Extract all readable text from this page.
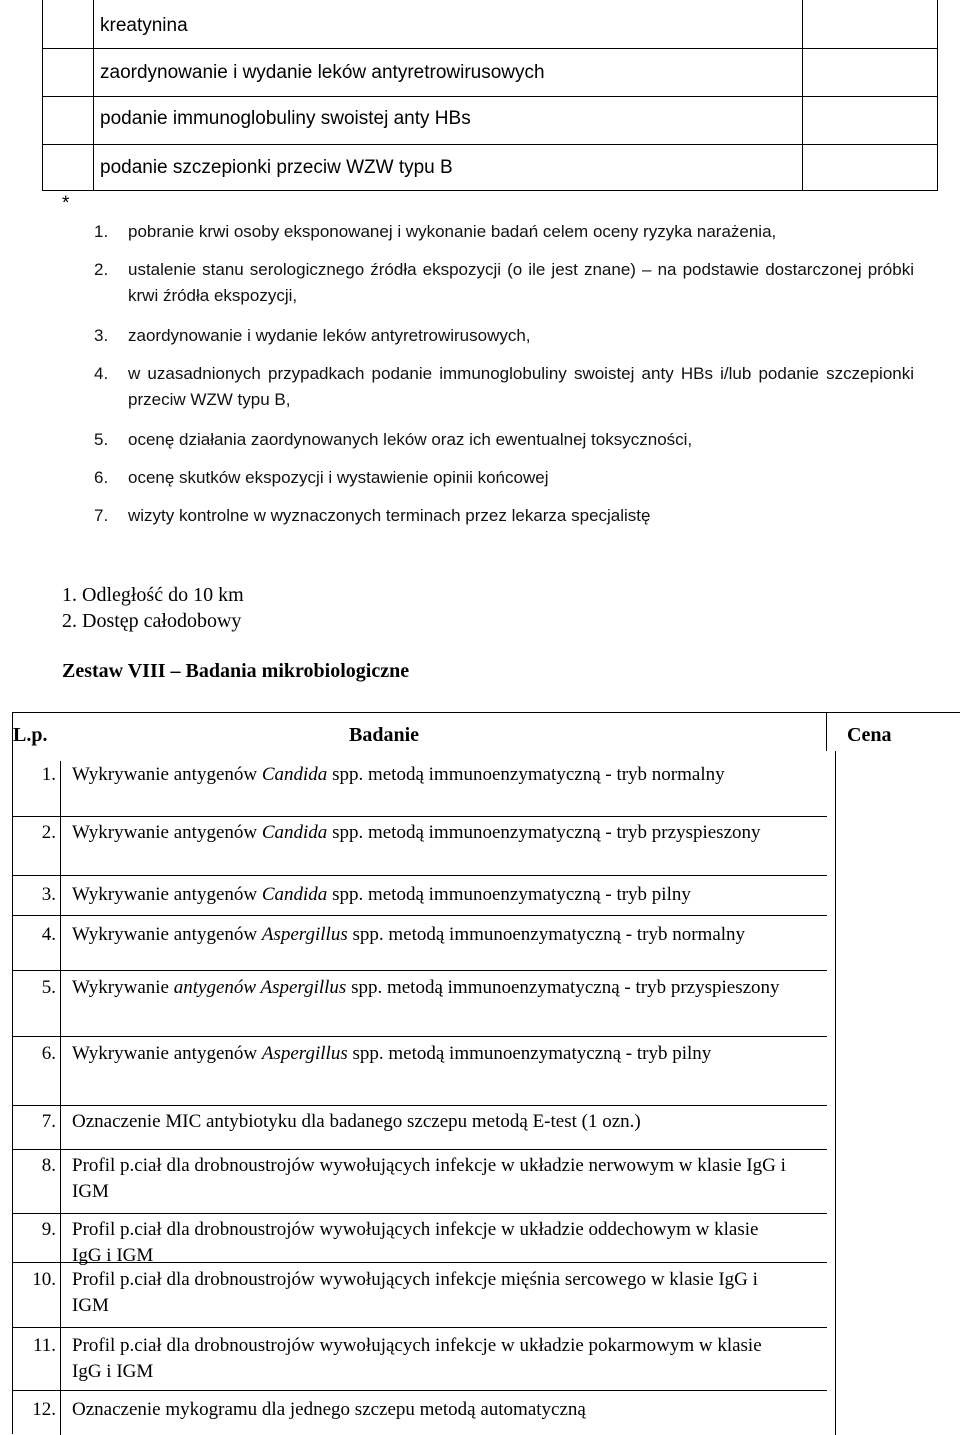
kreatynina
zaordynowanie i wydanie leków antyretrowirusowych
podanie immunoglobuliny swoistej anty HBs
podanie szczepionki przeciw WZW typu B
*
1. pobranie krwi osoby eksponowanej i wykonanie badań celem oceny ryzyka narażenia,
2. ustalenie stanu serologicznego źródła ekspozycji (o ile jest znane) – na podstawie dostarczonej próbki krwi źródła ekspozycji,
3. zaordynowanie i wydanie leków antyretrowirusowych,
4. w uzasadnionych przypadkach podanie immunoglobuliny swoistej anty HBs i/lub podanie szczepionki przeciw WZW typu B,
5. ocenę działania zaordynowanych leków oraz ich ewentualnej toksyczności,
6. ocenę skutków ekspozycji i wystawienie opinii końcowej
7. wizyty kontrolne w wyznaczonych terminach przez lekarza specjalistę
1. Odległość do 10 km
2. Dostęp całodobowy
Zestaw VIII – Badania mikrobiologiczne
L.p.	Badanie	Cena
1. Wykrywanie antygenów Candida spp. metodą immunoenzymatyczną - tryb normalny
2. Wykrywanie antygenów Candida spp. metodą immunoenzymatyczną - tryb przyspieszony
3. Wykrywanie antygenów Candida spp. metodą immunoenzymatyczną - tryb pilny
4. Wykrywanie antygenów Aspergillus spp. metodą immunoenzymatyczną - tryb normalny
5. Wykrywanie antygenów Aspergillus spp. metodą immunoenzymatyczną - tryb przyspieszony
6. Wykrywanie antygenów Aspergillus spp. metodą immunoenzymatyczną - tryb pilny
7. Oznaczenie MIC antybiotyku dla badanego szczepu metodą E-test (1 ozn.)
8. Profil p.ciał dla drobnoustrojów wywołujących infekcje w układzie nerwowym w klasie IgG i IGM
9. Profil p.ciał dla drobnoustrojów wywołujących infekcje w układzie oddechowym w klasie IgG i IGM
10. Profil p.ciał dla drobnoustrojów wywołujących infekcje mięśnia sercowego w klasie IgG i IGM
11. Profil p.ciał dla drobnoustrojów wywołujących infekcje w układzie pokarmowym w klasie IgG i IGM
12. Oznaczenie mykogramu dla jednego szczepu metodą automatyczną
